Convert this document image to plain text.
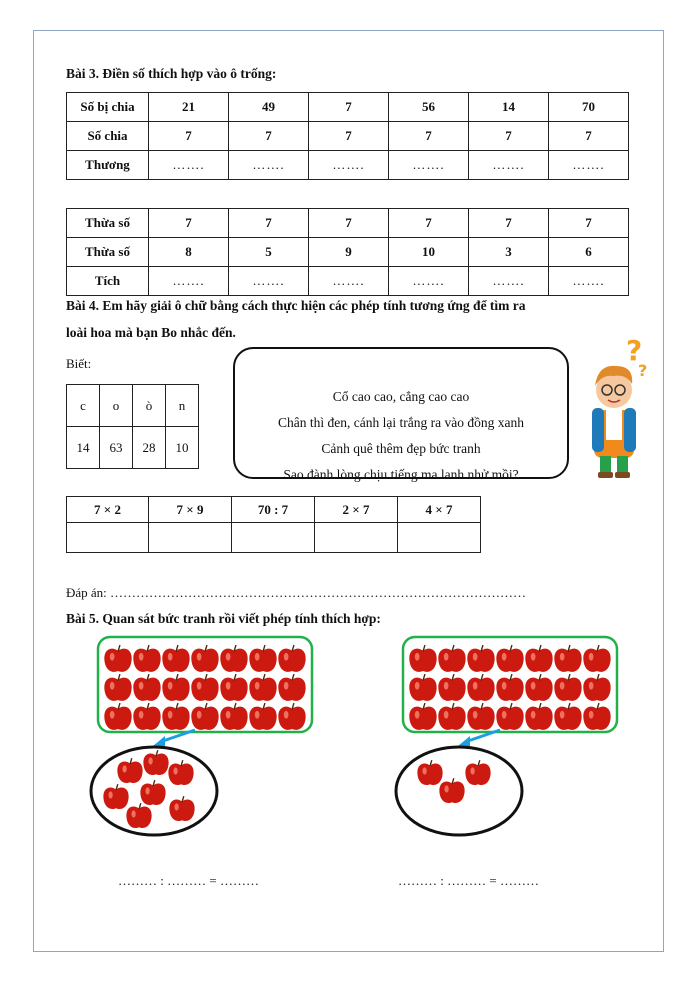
Bài 3. Điền số thích hợp vào ô trống:
Số bị chia	21	49	7	56	14	70
Số chia	7	7	7	7	7	7
Thương	…….	…….	…….	…….	…….	…….
Thừa số	7	7	7	7	7	7
Thừa số	8	5	9	10	3	6
Tích	…….	…….	…….	…….	…….	…….
Bài 4. Em hãy giải ô chữ bằng cách thực hiện các phép tính tương ứng để tìm ra
loài hoa mà bạn Bo nhắc đến.
Biết:
c	o	ò	n
14	63	28	10
Cổ cao cao, cẳng cao cao
Chân thì đen, cánh lại trắng ra vào đồng xanh
Cảnh quê thêm đẹp bức tranh
Sao đành lòng chịu tiếng ma lanh nhử mồi?
?
?
7 × 2	7 × 9	70 : 7	2 × 7	4 × 7

Đáp án: ……………………………………………………………………………………
Bài 5. Quan sát bức tranh rồi viết phép tính thích hợp:
……… : ……… = ………	……… : ……… = ………
